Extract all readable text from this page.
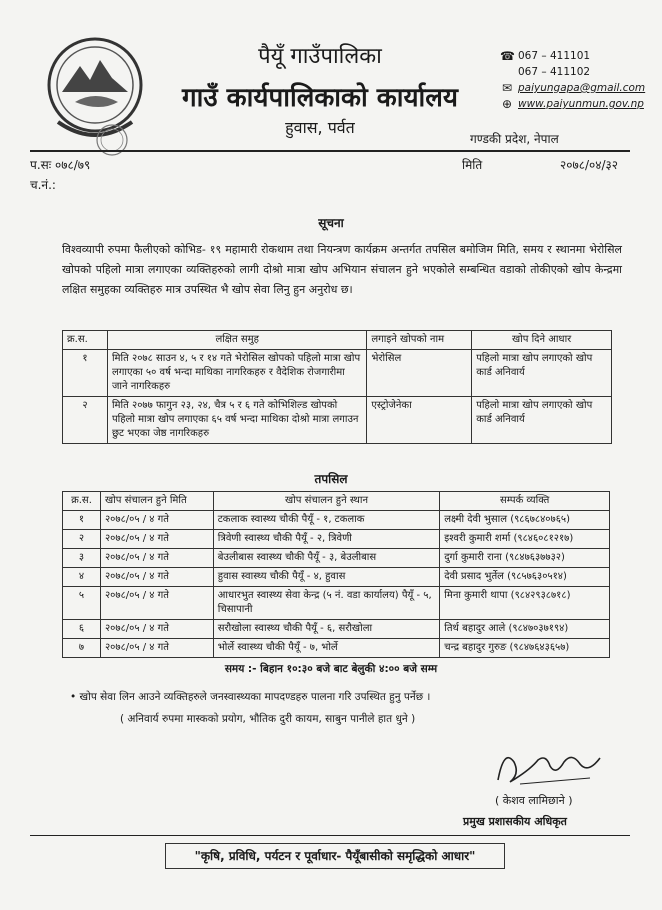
पैयूँ गाउँपालिका
गाउँ कार्यपालिकाको कार्यालय
हुवास, पर्वत
☎ 067 – 411101
067 – 411102
✉ paiyungapa@gmail.com
⊕ www.paiyunmun.gov.np
गण्डकी प्रदेश, नेपाल
प.सः ०७८/७९
च.नं.:
मिति	२०७८/०४/३२
सूचना
विश्वव्यापी रुपमा फैलीएको कोभिड- १९ महामारी रोकथाम तथा नियन्त्रण कार्यक्रम अन्तर्गत तपसिल बमोजिम मिति, समय र स्थानमा भेरोसिल खोपको पहिलो मात्रा लगाएका व्यक्तिहरुको लागी दोश्रो मात्रा खोप अभियान संचालन हुने भएकोले सम्बन्धित वडाको तोकीएको खोप केन्द्रमा लक्षित समुहका व्यक्तिहरु मात्र उपस्थित भै खोप सेवा लिनु हुन अनुरोध छ।
क्र.स.	लक्षित समुह	लगाइने खोपको नाम	खोप दिने आधार
१	मिति २०७८ साउन ४, ५ र १४ गते भेरोसिल खोपको पहिलो मात्रा खोप लगाएका ५० वर्ष भन्दा माथिका नागरिकहरु र वैदेशिक रोजगारीमा जाने नागरिकहरु	भेरोसिल	पहिलो मात्रा खोप लगाएको खोप कार्ड अनिवार्य
२	मिति २०७७ फागुन २३, २४, चैत्र ५ र ६ गते कोभिशिल्ड खोपको पहिलो मात्रा खोप लगाएका ६५ वर्ष भन्दा माथिका दोश्रो मात्रा लगाउन छुट भएका जेष्ठ नागरिकहरु	एस्ट्रोजेनेका	पहिलो मात्रा खोप लगाएको खोप कार्ड अनिवार्य
तपसिल
क्र.स.	खोप संचालन हुने मिति	खोप संचालन हुने स्थान	सम्पर्क व्यक्ति
१	२०७८/०५ / ४ गते	टकलाक स्वास्थ्य चौकी पैयूँ - १, टकलाक	लक्ष्मी देवी भुसाल (९८६७८४०७६५)
२	२०७८/०५ / ४ गते	त्रिवेणी स्वास्थ्य चौकी पैयूँ - २, त्रिवेणी	इश्वरी कुमारी शर्मा (९८४६०८१२१७)
३	२०७८/०५ / ४ गते	बेउलीबास स्वास्थ्य चौकी पैयूँ - ३, बेउलीबास	दुर्गा कुमारी राना (९८४७६३७७३२)
४	२०७८/०५ / ४ गते	हुवास स्वास्थ्य चौकी पैयूँ - ४, हुवास	देवी प्रसाद भुर्तेल (९८५७६३०५१४)
५	२०७८/०५ / ४ गते	आधारभुत स्वास्थ्य सेवा केन्द्र (५ नं. वडा कार्यालय) पैयूँ - ५, चिसापानी	मिना कुमारी थापा (९८४२९३८७१८)
६	२०७८/०५ / ४ गते	सरौखोला स्वास्थ्य चौकी पैयूँ - ६, सरौखोला	तिर्थ बहादुर आले (९८४७०३७१९४)
७	२०७८/०५ / ४ गते	भोर्ले स्वास्थ्य चौकी पैयूँ - ७, भोर्ले	चन्द्र बहादुर गुरुङ (९८४७६४३६५७)
समय :- बिहान १०:३० बजे बाट बेलुकी ४:०० बजे सम्म
• खोप सेवा लिन आउने व्यक्तिहरुले जनस्वास्थ्यका मापदण्डहरु पालना गरि उपस्थित हुनु पर्नेछ ।
( अनिवार्य रुपमा मास्कको प्रयोग, भौतिक दुरी कायम, साबुन पानीले हात धुने )
( केशव लामिछाने )
प्रमुख प्रशासकीय अधिकृत
"कृषि, प्रविधि, पर्यटन र पूर्वाधार- पैयूँबासीको समृद्धिको आधार"
